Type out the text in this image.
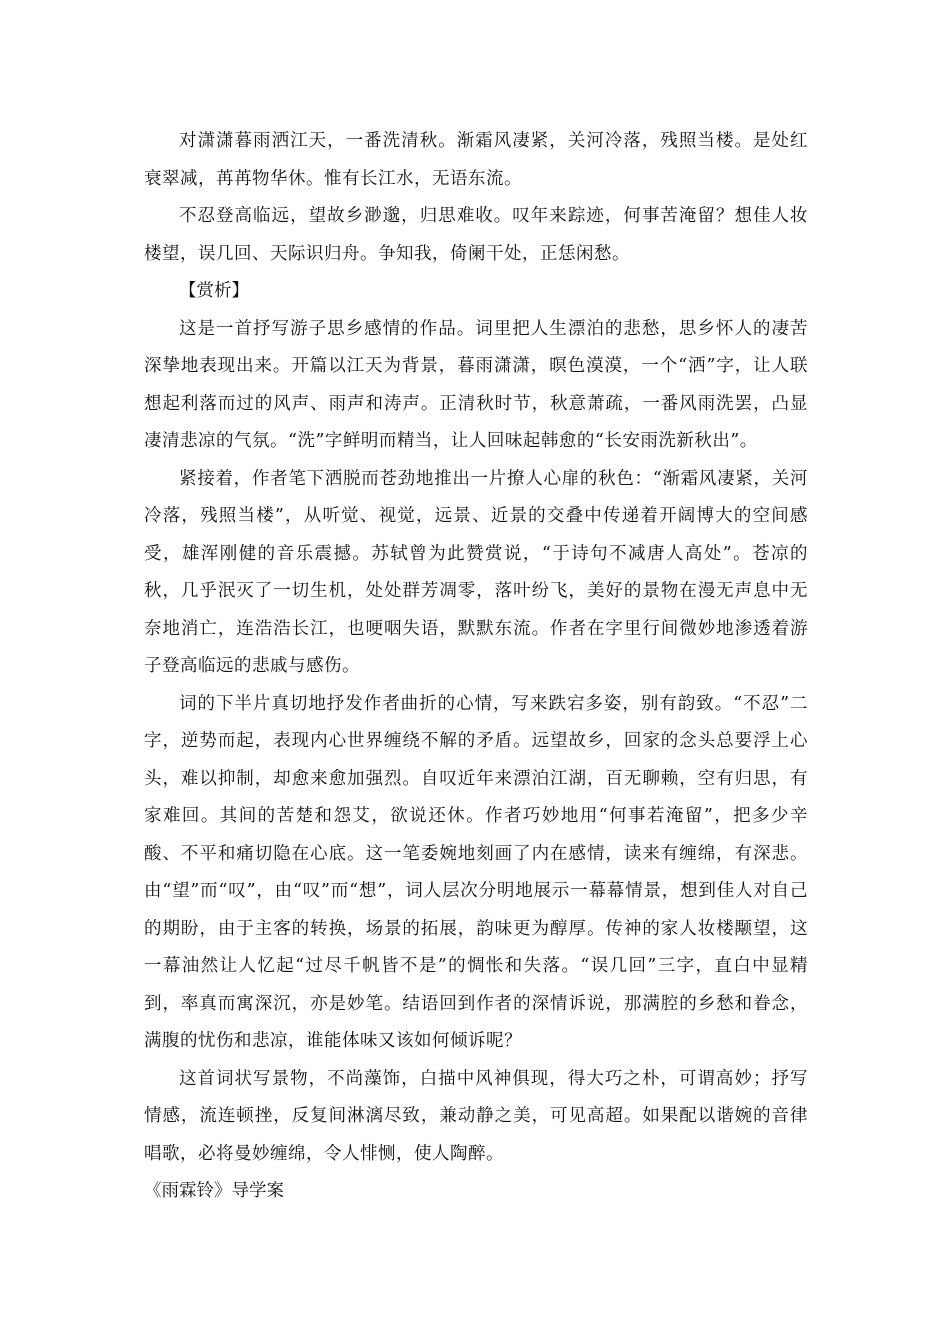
对潇潇暮雨洒江天，一番洗清秋。渐霜风凄紧，关河冷落，残照当楼。是处红衰翠减，苒苒物华休。惟有长江水，无语东流。

不忍登高临远，望故乡渺邈，归思难收。叹年来踪迹，何事苦淹留？想佳人妆楼望，误几回、天际识归舟。争知我，倚阑干处，正恁闲愁。

【赏析】

这是一首抒写游子思乡感情的作品。词里把人生漂泊的悲愁，思乡怀人的凄苦深挚地表现出来。开篇以江天为背景，暮雨潇潇，暝色漠漠，一个“洒”字，让人联想起利落而过的风声、雨声和涛声。正清秋时节，秋意萧疏，一番风雨洗罢，凸显凄清悲凉的气氛。“洗”字鲜明而精当，让人回味起韩愈的“长安雨洗新秋出”。

紧接着，作者笔下洒脱而苍劲地推出一片撩人心扉的秋色：“渐霜风凄紧，关河冷落，残照当楼”，从听觉、视觉，远景、近景的交叠中传递着开阔博大的空间感受，雄浑刚健的音乐震撼。苏轼曾为此赞赏说，“于诗句不减唐人高处”。苍凉的秋，几乎泯灭了一切生机，处处群芳凋零，落叶纷飞，美好的景物在漫无声息中无奈地消亡，连浩浩长江，也哽咽失语，默默东流。作者在字里行间微妙地渗透着游子登高临远的悲戚与感伤。

词的下半片真切地抒发作者曲折的心情，写来跌宕多姿，别有韵致。“不忍”二字，逆势而起，表现内心世界缠绕不解的矛盾。远望故乡，回家的念头总要浮上心头，难以抑制，却愈来愈加强烈。自叹近年来漂泊江湖，百无聊赖，空有归思，有家难回。其间的苦楚和怨艾，欲说还休。作者巧妙地用“何事若淹留”，把多少辛酸、不平和痛切隐在心底。这一笔委婉地刻画了内在感情，读来有缠绵，有深悲。由“望”而“叹”，由“叹”而“想”，词人层次分明地展示一幕幕情景，想到佳人对自己的期盼，由于主客的转换，场景的拓展，韵味更为醇厚。传神的家人妆楼颙望，这一幕油然让人忆起“过尽千帆皆不是”的惆怅和失落。“误几回”三字，直白中显精到，率真而寓深沉，亦是妙笔。结语回到作者的深情诉说，那满腔的乡愁和眷念，满腹的忧伤和悲凉，谁能体味又该如何倾诉呢？

这首词状写景物，不尚藻饰，白描中风神俱现，得大巧之朴，可谓高妙；抒写情感，流连顿挫，反复间淋漓尽致，兼动静之美，可见高超。如果配以谐婉的音律唱歌，必将曼妙缠绵，令人悱恻，使人陶醉。

《雨霖铃》导学案
